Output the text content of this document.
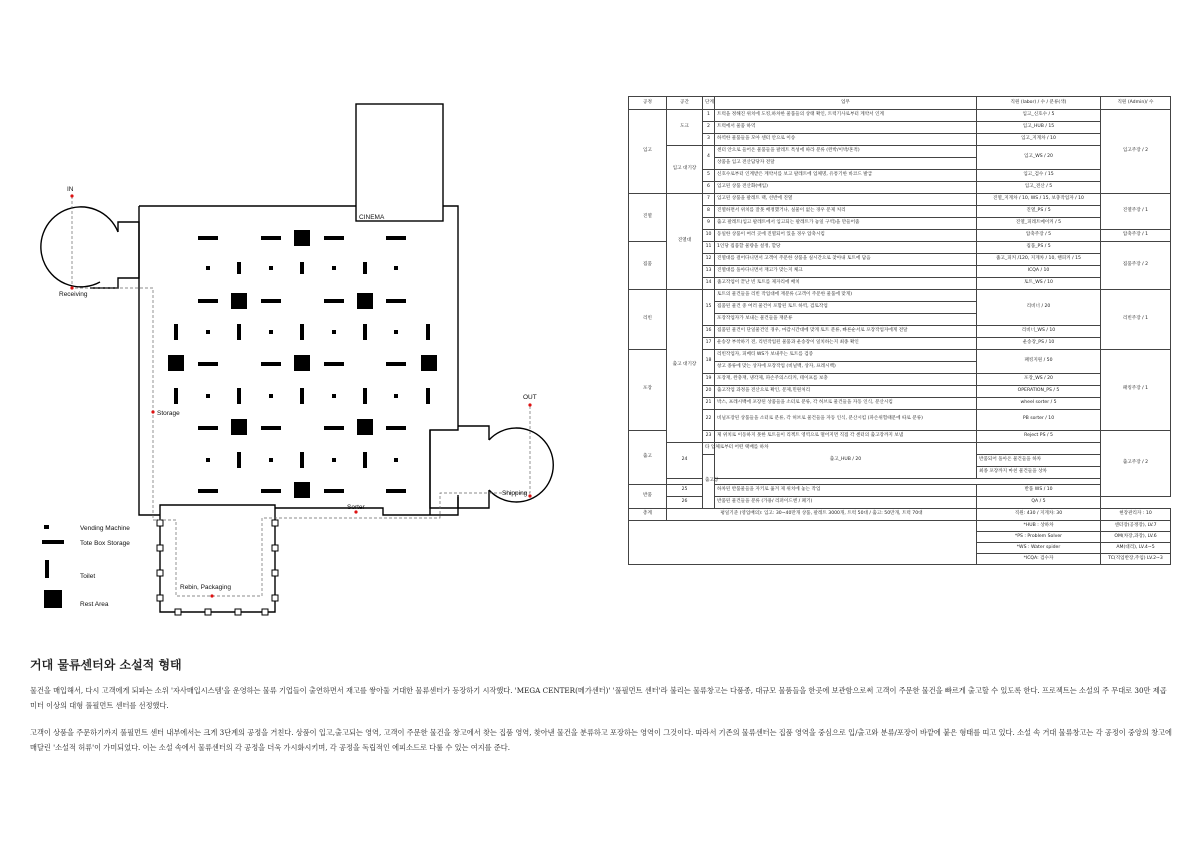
IN
Receiving
CINEMA
Storage
OUT
Shipping
Sorter
Rebin, Packaging
Vending Machine
Tote Box Storage
Toilet
Rest Area
공정	공간	단계	업무	직원 (labor) / 수 / 분류(색)	직원 (Admin)/ 수
입고	도크	1	트럭을 정해진 위치에 도킹,하차한 물품들의 상태 확인, 트럭기사로부터 계약서 인계	입고_신호수 / 5	입고주장 / 2
		2	트럭에서 물품 하역	입고_HUB / 15	
		3	하역한 물품들을 모아 센터 안으로 이송	입고_지게차 / 10	
	입고 대기장	4	센터 안으로 들어온 물품들을 팔레트 특성에 따라 분류 (완박/이박/혼적)	입고_WS / 20	
			상품을 입고 전산담당자 전달		
		5	신호수로부터 인계받은 계약서를 보고 팔레트에 업체명, 유통기한 바코드 발급	입고_검수 / 15	
		6	입고된 상품 전산화(매입)	입고_전산 / 5	
진열	진열대	7	입고된 상품을 팔레트 랙, 선반에 진열	진열_지게차 / 10, WS / 15, 보충작업자 / 10	진열주장 / 1
		8	진열하면서 위치를 잘못 배정했거나, 실물이 없는 경우 문제 처리	진열_PS / 5	
		9	출고 팔레트(입고 팔레트에서 입고되는 팔레트가 놓일 구역)을 만들어줌	진열_피레트메이커 / 5	
		10	동일한 상품이 여러 곳에 진열되어 있을 경우 압축시킴	압축주장 / 5	압축주장 / 1
집품		11	1인당 집품할 물량을 설정, 할당	집품_PS / 5	집품주장 / 2
		12	진열대를 걸어다니면서 고객이 주문한 상품을 실시간으로 찾아내 토트에 담음	줍고_피커 /120, 지게차 / 10, 핸피커 / 15	
		13	진열대를 돌아다니면서 재고가 맞는지 체크	ICQA / 10	
		14	줍고작업이 끝난 빈 토트를 제자리에 배치	토트_WS / 10	
리빈	출고 대기장	15	토트의 물건들을 리빈 작업대에 재분류 (고객이 주문한 물품에 맞게)	리비너 / 20	리빈주장 / 1
			집품된 물건 중 여러 물건이 포함된 토트 하역, 검토작업		
			포장작업자가 보내는 물건들을 재분류		
		16	집품된 물건이 단일물건인 경우, 마감시간대에 맞게 토트 분류, 빠른순서로 포장작업자에게 전달	리비너_WS / 10	
		17	운송장 부착하기 전, 리빈작업된 물품과 운송장이 일치하는지 최종 확인	운송장_PS / 10	
포장		18	리빈작업자, 피베티 WS가 보내주는 토트를 검증	패킹지원 / 50	패킹주장 / 1
			창고 종류에 맞는 상자에 포장작업 (비닐백, 상자, 프레시백)		
		19	포장재, 완충재, 냉각제, 파손주의스티커, 테이프를 보충	포장_WS / 20	
		20	출고작업 과정을 전산으로 확인, 문제,민원처리	OPERATION_PS / 5	
		21	박스, 프레시백에 포장된 상품들을 소터로 분류, 각 허브로 물건들을 자동 인식, 분산시킴	wheel sorter / 5	
		22	비닐포장된 상품들을 소터로 분류, 각 허브로 물건들을 자동 인식, 분산시킴 (파손위험때문에 따로 분류)	PB sorter / 10	

출고		23	제 위치로 이동하지 못한 토트들이 리젝트 영역으로 떨어지면 직접 각 센터의 출고장까지 보냄	Reject PS / 5	출고주장 / 2
	24	타 업체로부터 어떤 택배를 하차	출고_HUB / 20		
		출고장		반품되어 돌아온 물건들을 하차	
				최종 포장까지 마친 물건들을 상차	

반품	25		하차된 반품물들을 자키로 옮겨 제 위치에 놓는 작업	반품 WS / 10	
	26		반품된 물건들을 분류 (가용/ 리퍼이드엔 / 폐기)	QA / 5	
총계	평일기준 (영업배의): 입고: 30~40만개 상품, 팔레트 3000개, 트럭 50대 / 출고: 50만개, 트럭 70대			직원: 430 / 지게차: 30	현장관리자 : 10
				*HUB : 상하차	센터장(공정장), LV.7
				*PS : Problem Solver	OM(차장,과장), LV.6
				*WS : Water spider	AM(대리), LV.4~5
				*ICQA: 검수자	TC(직업반장,주임) LV.2~3
거대 물류센터와 소설적 형태

물건을 매입해서, 다시 고객에게 되파는 소위 '자사매입시스템'을 운영하는 물류 기업들이 출연하면서 재고를 쌓아둘 거대한 물류센터가 등장하기 시작했다. 'MEGA CENTER(메가센터)' '풀필먼트 센터'라 불리는 물류창고는 다품종, 대규모 물품들을 한곳에 보관함으로써 고객이 주문한 물건을 빠르게 출고할 수 있도록 한다. 프로젝트는 소설의 주 무대로 30만 제곱미터 이상의 대형 풀필먼트 센터를 선정했다.

고객이 상품을 주문하기까지 풀필먼트 센터 내부에서는 크게 3단계의 공정을 거친다. 상품이 입고,출고되는 영역, 고객이 주문한 물건을 창고에서 찾는 집품 영역, 찾아낸 물건을 분류하고 포장하는 영역이 그것이다. 따라서 기존의 물류센터는 집품 영역을 중심으로 입/출고와 분류/포장이 바깥에 붙은 형태를 띠고 있다. 소설 속 거대 물류창고는 각 공정이 중앙의 창고에 매달린 '소설적 허류'이 가미되었다. 이는 소설 속에서 물류센터의 각 공정을 더욱 가시화시키며, 각 공정을 독립적인 에피소드로 다룰 수 있는 여지를 준다.
